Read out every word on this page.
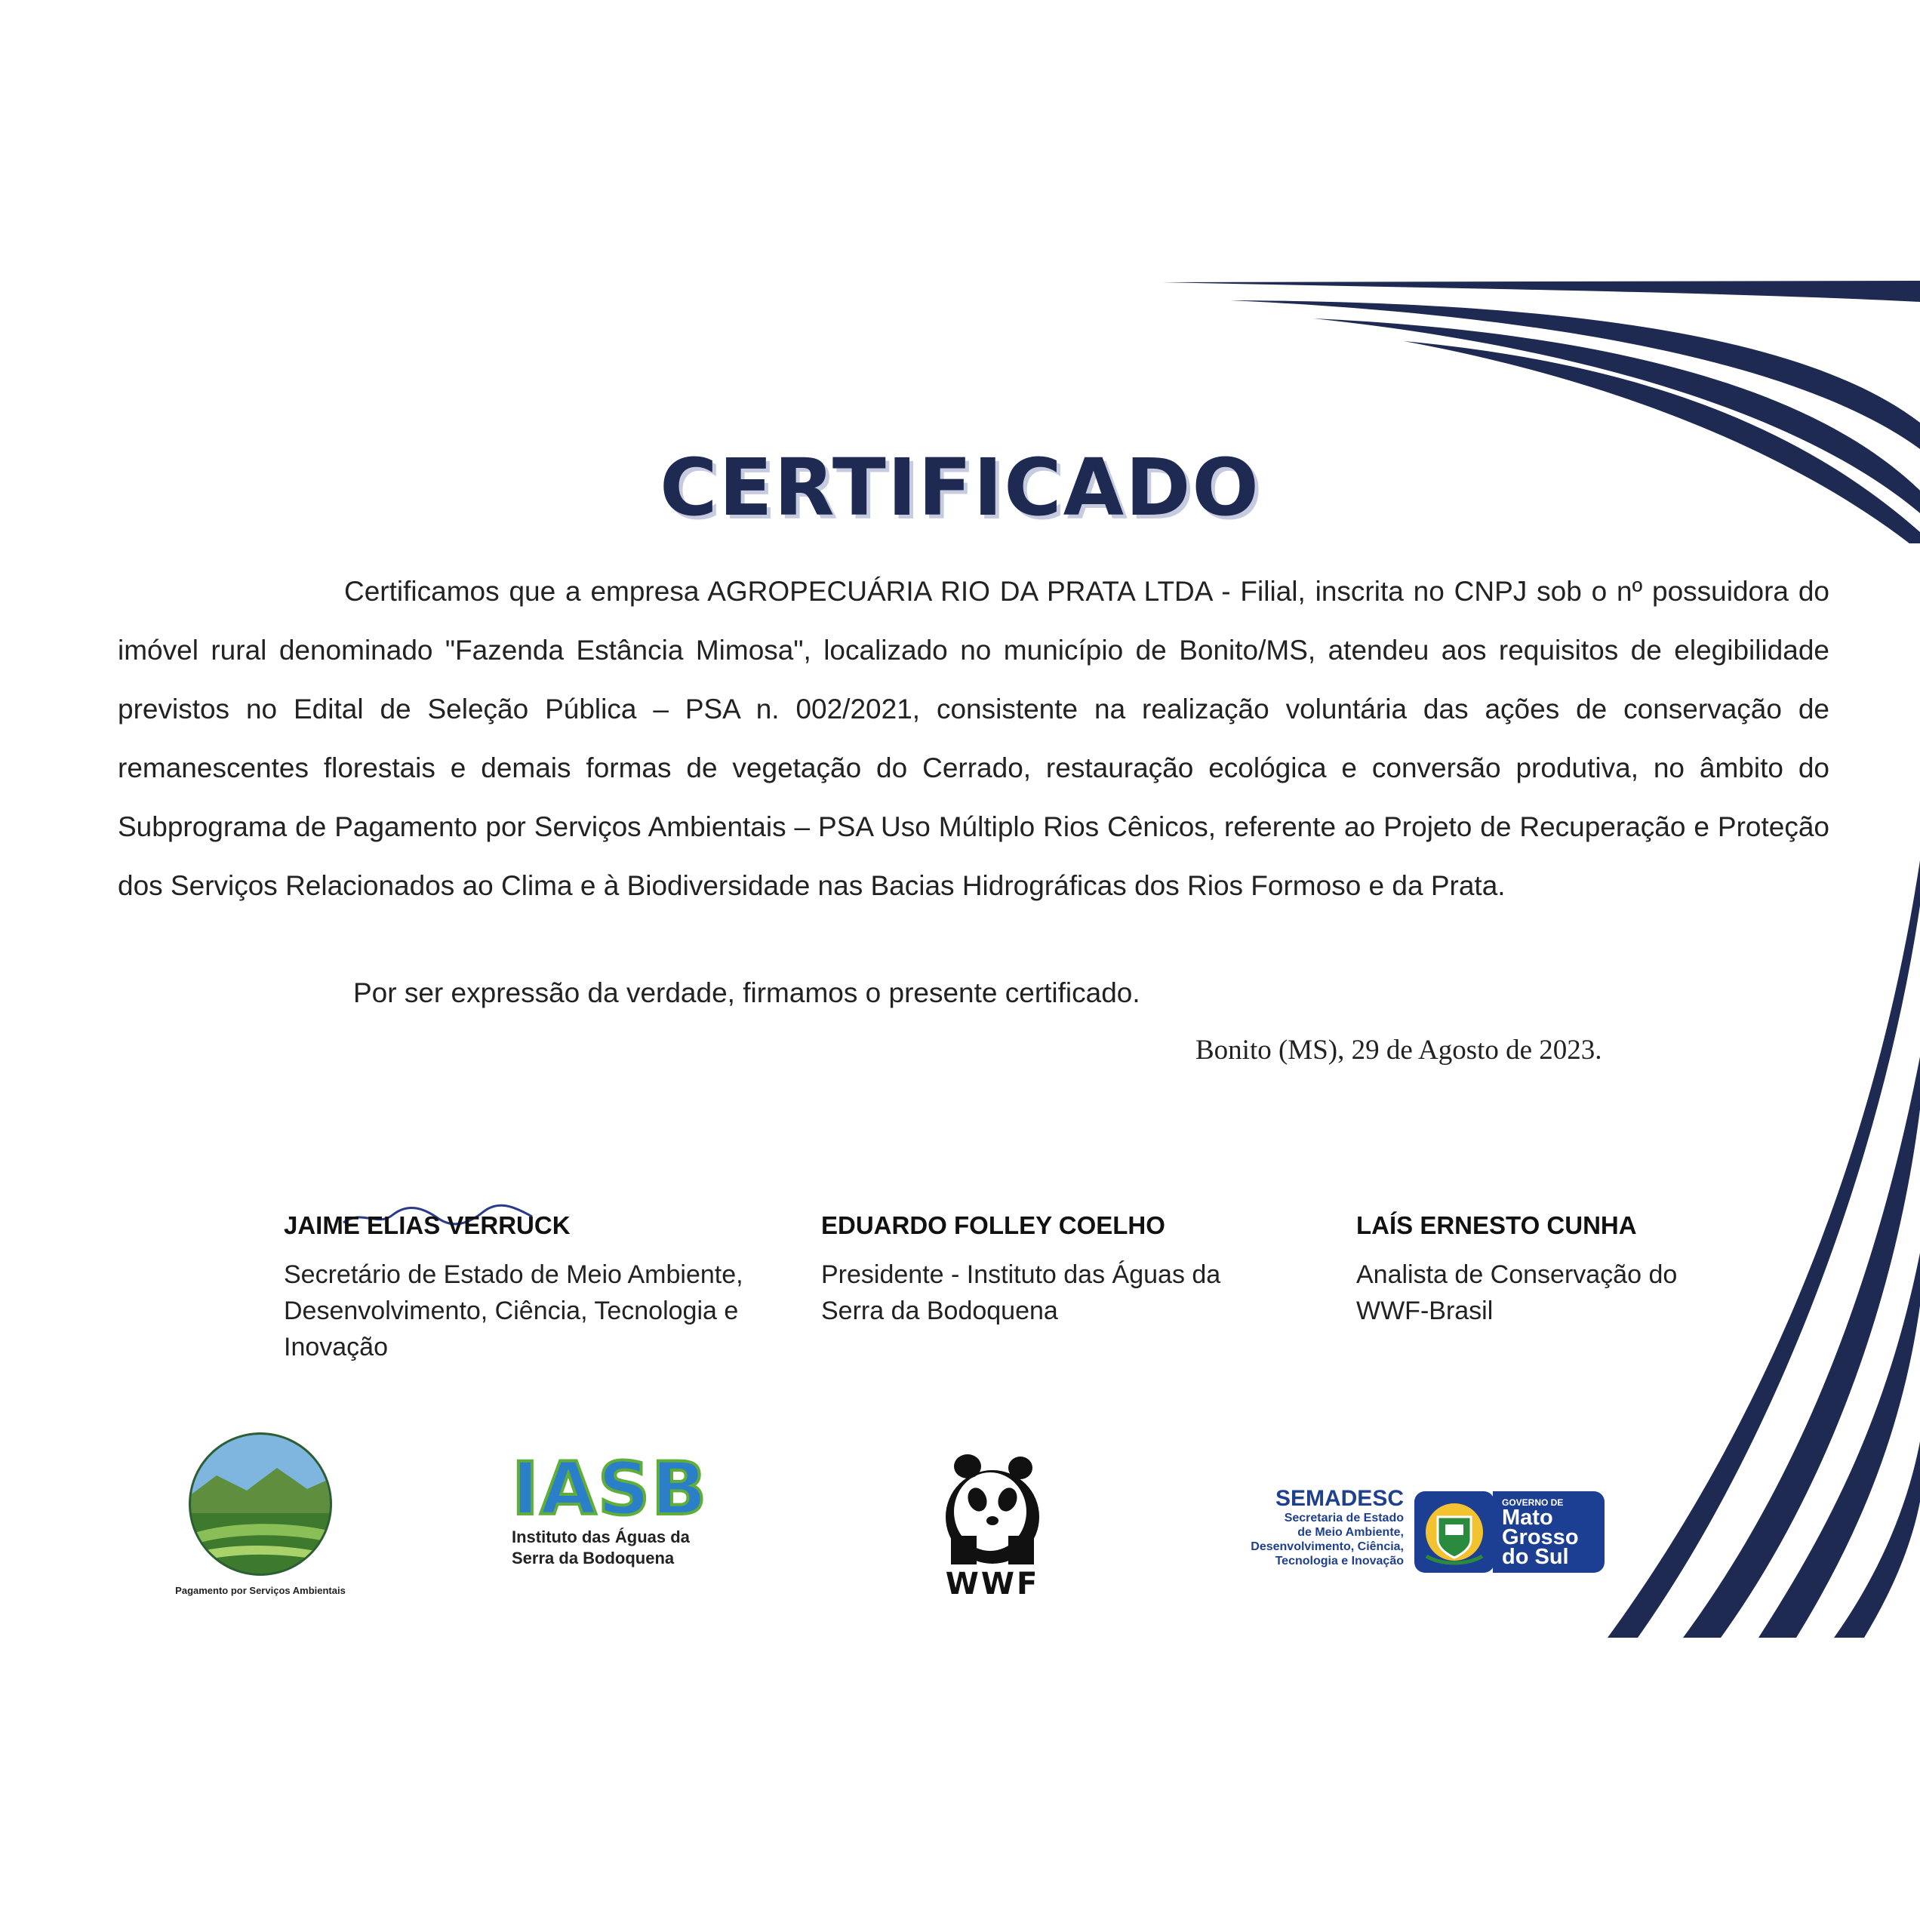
CERTIFICADO

Certificamos que a empresa AGROPECUÁRIA RIO DA PRATA LTDA - Filial, inscrita no CNPJ sob o nº possuidora do imóvel rural denominado "Fazenda Estância Mimosa", localizado no município de Bonito/MS, atendeu aos requisitos de elegibilidade previstos no Edital de Seleção Pública – PSA n. 002/2021, consistente na realização voluntária das ações de conservação de remanescentes florestais e demais formas de vegetação do Cerrado, restauração ecológica e conversão produtiva, no âmbito do Subprograma de Pagamento por Serviços Ambientais – PSA Uso Múltiplo Rios Cênicos, referente ao Projeto de Recuperação e Proteção dos Serviços Relacionados ao Clima e à Biodiversidade nas Bacias Hidrográficas dos Rios Formoso e da Prata.

Por ser expressão da verdade, firmamos o presente certificado.
Bonito (MS), 29 de Agosto de 2023.
JAIME ELIAS VERRUCK
Secretário de Estado de Meio Ambiente, Desenvolvimento, Ciência, Tecnologia e Inovação
EDUARDO FOLLEY COELHO
Presidente - Instituto das Águas da Serra da Bodoquena
LAÍS ERNESTO CUNHA
Analista de Conservação do WWF-Brasil
Pagamento por Serviços Ambientais
IASB
Instituto das Águas da
Serra da Bodoquena
WWF
SEMADESC
Secretaria de Estado
de Meio Ambiente,
Desenvolvimento, Ciência,
Tecnologia e Inovação
GOVERNO DE
Mato
Grosso
do Sul
